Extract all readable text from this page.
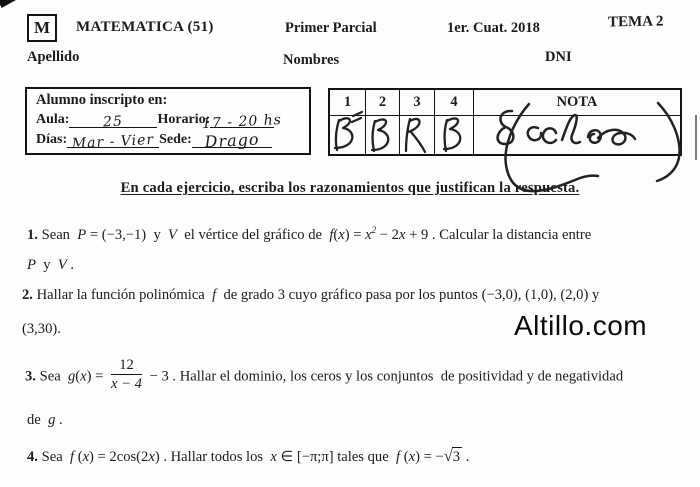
M MATEMATICA (51)	Primer Parcial	1er. Cuat. 2018	TEMA 2
Apellido	Nombres	DNI
Alumno inscripto en:
Aula: 25 Horario:
17 - 20 hs
Días: Mar - Vier Sede: Drago
1	2	3	4	NOTA
En cada ejercicio, escriba los razonamientos que justifican la respuesta.
1. Sean  P = (−3,−1)  y  V  el vértice del gráfico de  $f(x) = x^2 - 2x + 9$ . Calcular la distancia entre
P  y  V .
2. Hallar la función polinómica  f  de grado 3 cuyo gráfico pasa por los puntos (−3,0), (1,0), (2,0) y
(3,30).
3. Sea  $g(x) = \frac{12}{x - 4} - 3$ . Hallar el dominio, los ceros y los conjuntos  de positividad y de negatividad
de  g .
4. Sea  f (x) = 2cos(2x) . Hallar todos los  x ∈ [−π;π] tales que  f (x) = − √ 3 .
Altillo.com
